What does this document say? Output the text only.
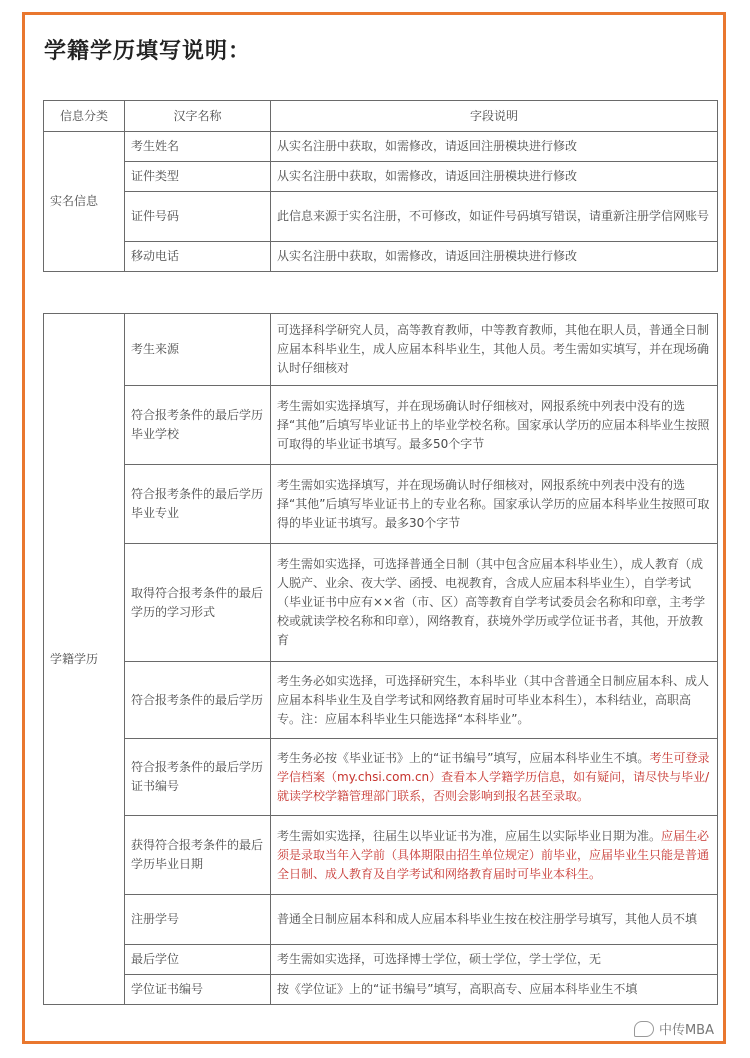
学籍学历填写说明：
信息分类	汉字名称	字段说明
实名信息	考生姓名	从实名注册中获取，如需修改，请返回注册模块进行修改
	证件类型	从实名注册中获取，如需修改，请返回注册模块进行修改
	证件号码	此信息来源于实名注册，不可修改，如证件号码填写错误，请重新注册学信网账号
	移动电话	从实名注册中获取，如需修改，请返回注册模块进行修改
学籍学历	考生来源	可选择科学研究人员，高等教育教师，中等教育教师，其他在职人员，普通全日制应届本科毕业生，成人应届本科毕业生，其他人员。考生需如实填写，并在现场确认时仔细核对
	符合报考条件的最后学历毕业学校	考生需如实选择填写，并在现场确认时仔细核对，网报系统中列表中没有的选择“其他”后填写毕业证书上的毕业学校名称。国家承认学历的应届本科毕业生按照可取得的毕业证书填写。最多50个字节
	符合报考条件的最后学历毕业专业	考生需如实选择填写，并在现场确认时仔细核对，网报系统中列表中没有的选择“其他”后填写毕业证书上的专业名称。国家承认学历的应届本科毕业生按照可取得的毕业证书填写。最多30个字节
	取得符合报考条件的最后学历的学习形式	考生需如实选择，可选择普通全日制（其中包含应届本科毕业生），成人教育（成人脱产、业余、夜大学、函授、电视教育，含成人应届本科毕业生），自学考试（毕业证书中应有××省（市、区）高等教育自学考试委员会名称和印章，主考学校或就读学校名称和印章），网络教育，获境外学历或学位证书者，其他，开放教育
	符合报考条件的最后学历	考生务必如实选择，可选择研究生，本科毕业（其中含普通全日制应届本科、成人应届本科毕业生及自学考试和网络教育届时可毕业本科生），本科结业，高职高专。注：应届本科毕业生只能选择“本科毕业”。
	符合报考条件的最后学历证书编号	考生务必按《毕业证书》上的“证书编号”填写，应届本科毕业生不填。考生可登录学信档案（my.chsi.com.cn）查看本人学籍学历信息，如有疑问，请尽快与毕业/就读学校学籍管理部门联系，否则会影响到报名甚至录取。
	获得符合报考条件的最后学历毕业日期	考生需如实选择，往届生以毕业证书为准，应届生以实际毕业日期为准。应届生必须是录取当年入学前（具体期限由招生单位规定）前毕业，应届毕业生只能是普通全日制、成人教育及自学考试和网络教育届时可毕业本科生。
	注册学号	普通全日制应届本科和成人应届本科毕业生按在校注册学号填写，其他人员不填
	最后学位	考生需如实选择，可选择博士学位，硕士学位，学士学位，无
	学位证书编号	按《学位证》上的“证书编号”填写，高职高专、应届本科毕业生不填
中传MBA
